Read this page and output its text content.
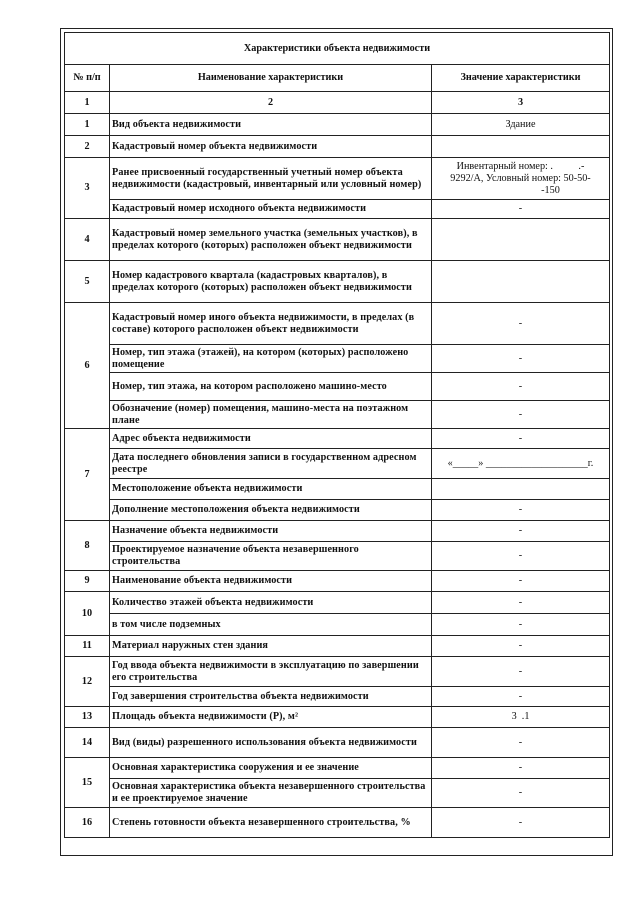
Характеристики объекта недвижимости		
№ п/п	Наименование характеристики	Значение характеристики
1	2	3
1	Вид объекта недвижимости	Здание
2	Кадастровый номер объекта недвижимости	
3	Ранее присвоенный государственный учетный номер объекта недвижимости (кадастровый, инвентарный или условный номер)	Инвентарный номер: .          .-
9292/А, Условный номер: 50-50-
-150

	Кадастровый номер исходного объекта недвижимости	-
4	Кадастровый номер земельного участка (земельных участков), в пределах которого (которых) расположен объект недвижимости	
5	Номер кадастрового квартала (кадастровых кварталов), в пределах которого (которых) расположен объект недвижимости	
6	Кадастровый номер иного объекта недвижимости, в пределах (в составе) которого расположен объект недвижимости	-
	Номер, тип этажа (этажей), на котором (которых) расположено помещение	-
	Номер, тип этажа, на котором расположено машино-место	-
	Обозначение (номер) помещения, машино-места на поэтажном плане	-
7	Адрес объекта недвижимости	-
	Дата последнего обновления записи в государственном адресном реестре	«_____» ____________________г.
	Местоположение объекта недвижимости	
	Дополнение местоположения объекта недвижимости	-
8	Назначение объекта недвижимости	-
	Проектируемое назначение объекта незавершенного строительства	-
9	Наименование объекта недвижимости	-
10	Количество этажей объекта недвижимости	-
	в том числе подземных	-
11	Материал наружных стен здания	-
12	Год ввода объекта недвижимости в эксплуатацию по завершении его строительства	-
	Год завершения строительства объекта недвижимости	-
13	Площадь объекта недвижимости (Р), м²	3  .1
14	Вид (виды) разрешенного использования объекта недвижимости	-
15	Основная характеристика сооружения и ее значение	-
	Основная характеристика объекта незавершенного строительства и ее проектируемое значение	-
16	Степень готовности объекта незавершенного строительства, %	-
